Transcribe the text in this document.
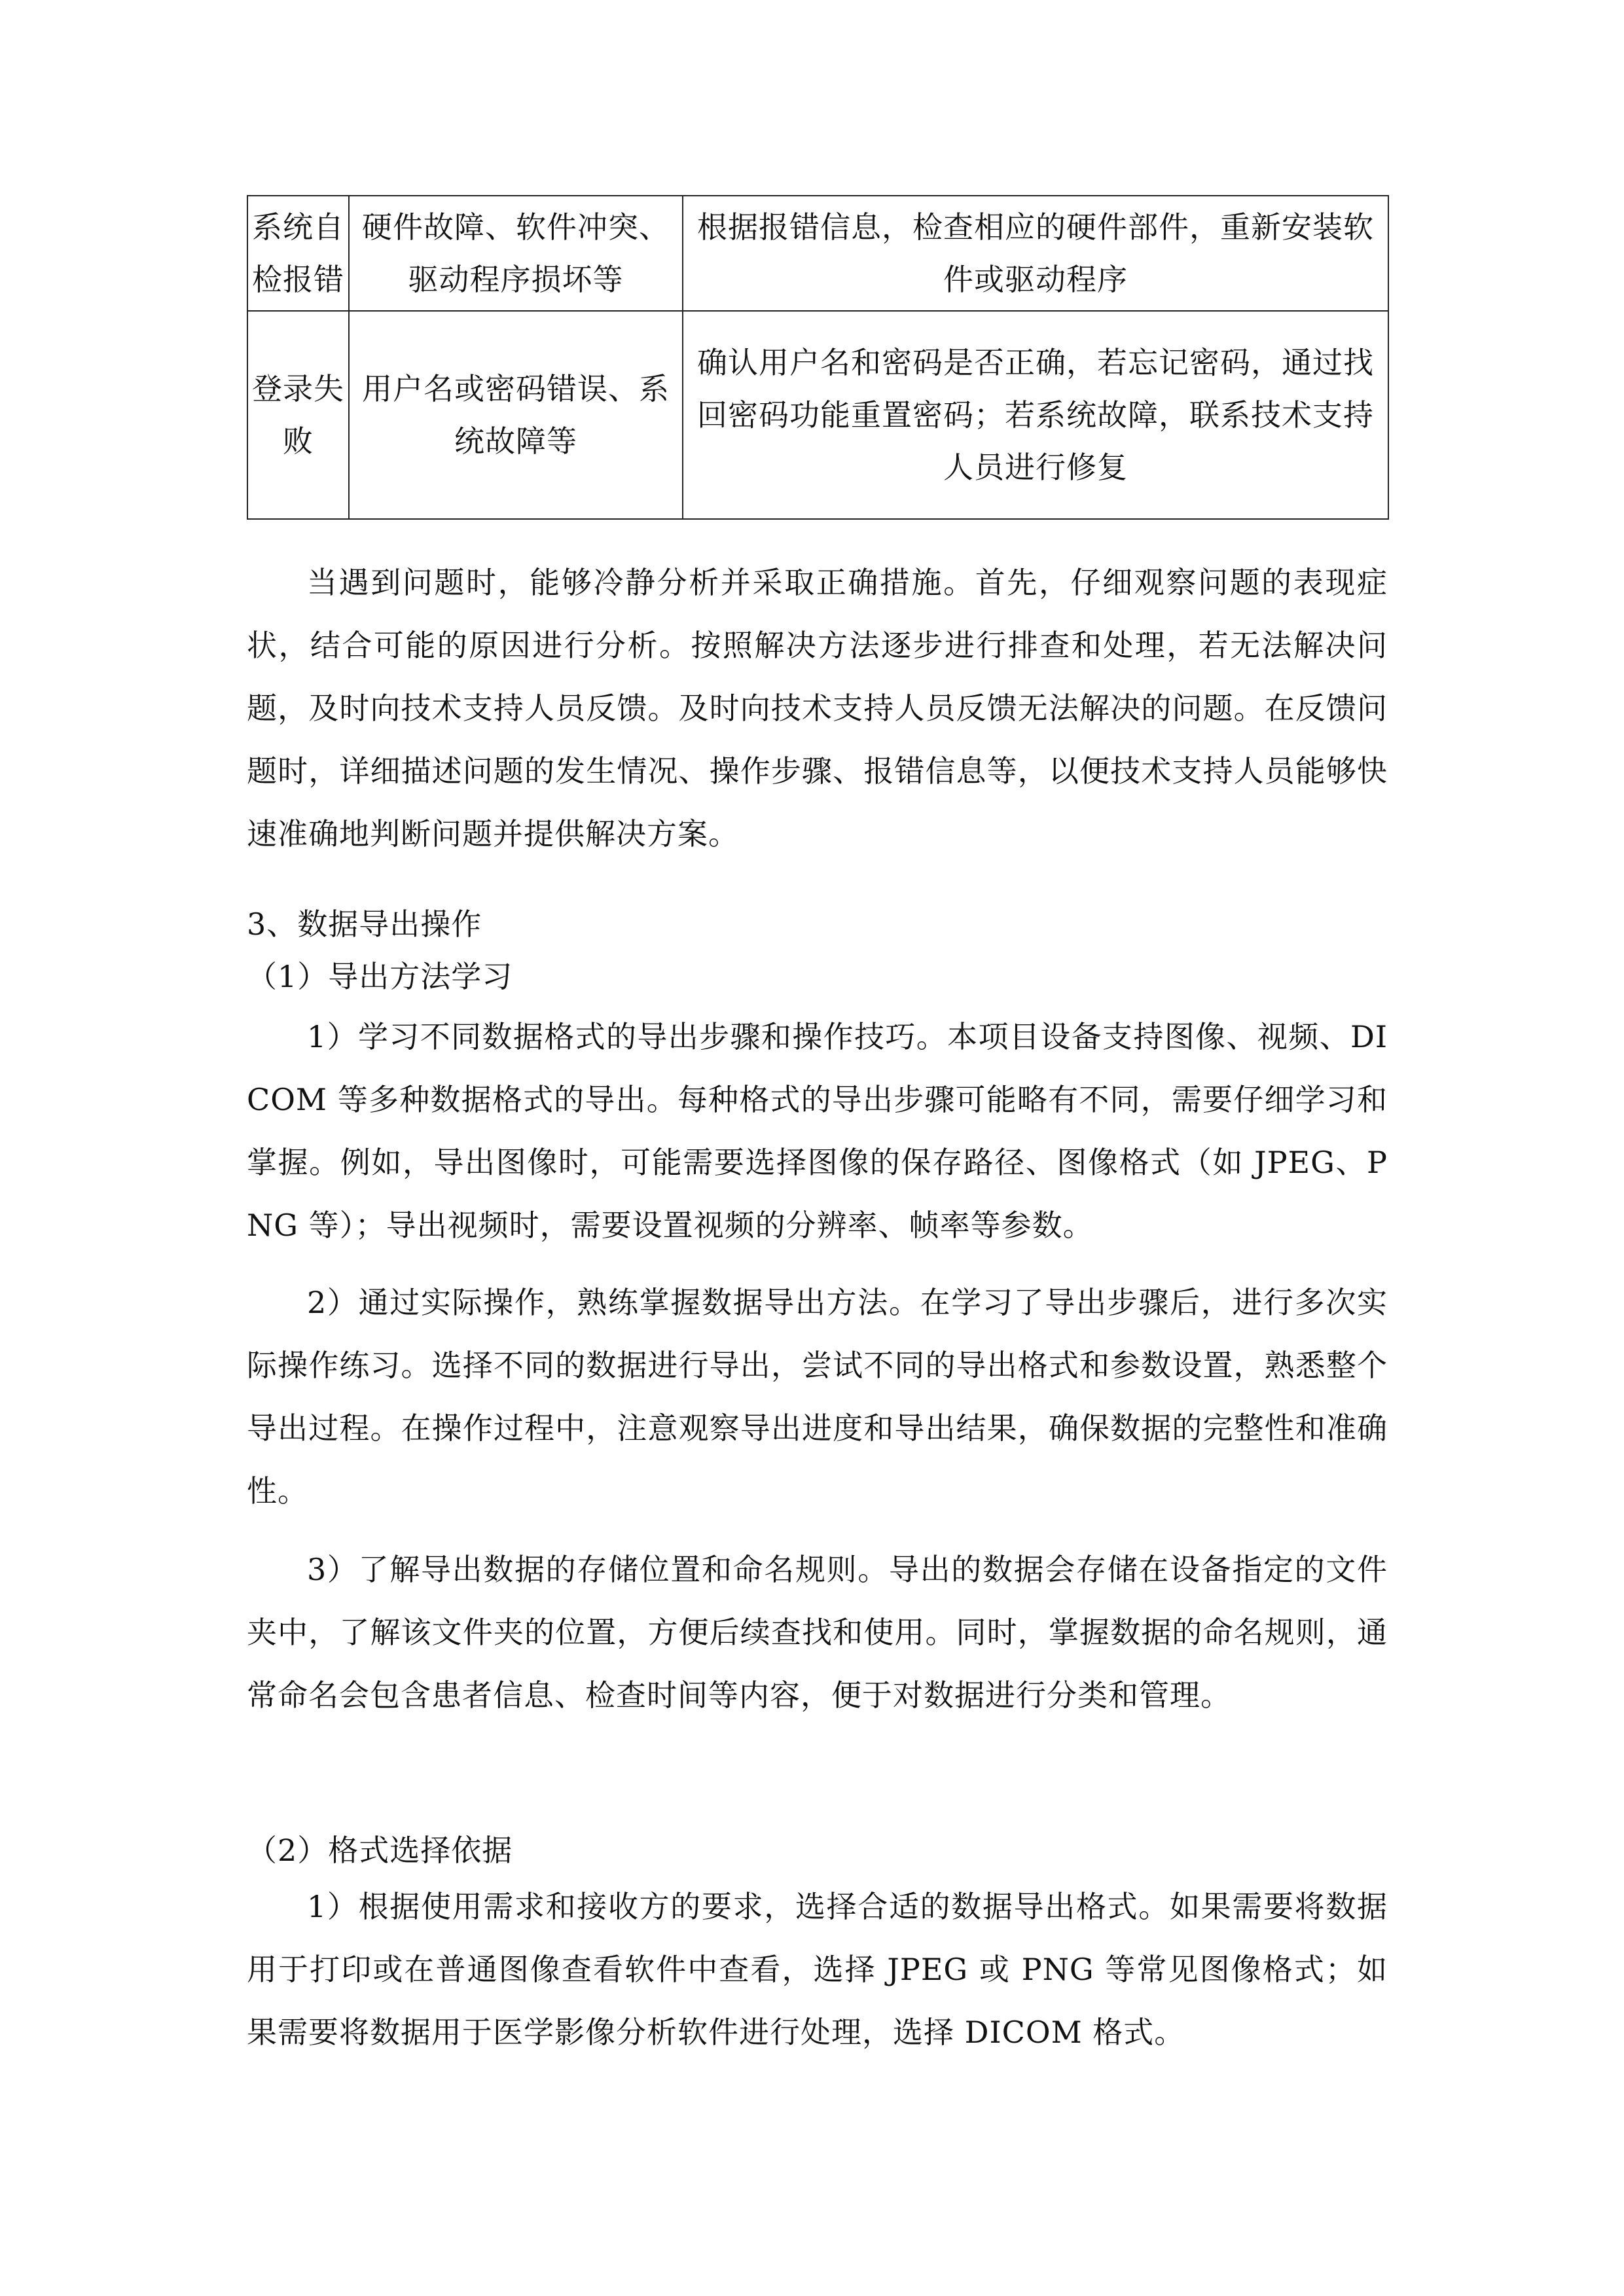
系统自检报错	硬件故障、软件冲突、驱动程序损坏等	根据报错信息，检查相应的硬件部件，重新安装软件或驱动程序
登录失败	用户名或密码错误、系统故障等	确认用户名和密码是否正确，若忘记密码，通过找回密码功能重置密码；若系统故障，联系技术支持人员进行修复

当遇到问题时，能够冷静分析并采取正确措施。首先，仔细观察问题的表现症状，结合可能的原因进行分析。按照解决方法逐步进行排查和处理，若无法解决问题，及时向技术支持人员反馈。及时向技术支持人员反馈无法解决的问题。在反馈问题时，详细描述问题的发生情况、操作步骤、报错信息等，以便技术支持人员能够快速准确地判断问题并提供解决方案。

3、数据导出操作
（1）导出方法学习

1）学习不同数据格式的导出步骤和操作技巧。本项目设备支持图像、视频、DICOM 等多种数据格式的导出。每种格式的导出步骤可能略有不同，需要仔细学习和掌握。例如，导出图像时，可能需要选择图像的保存路径、图像格式（如 JPEG、PNG 等）；导出视频时，需要设置视频的分辨率、帧率等参数。

2）通过实际操作，熟练掌握数据导出方法。在学习了导出步骤后，进行多次实际操作练习。选择不同的数据进行导出，尝试不同的导出格式和参数设置，熟悉整个导出过程。在操作过程中，注意观察导出进度和导出结果，确保数据的完整性和准确性。

3）了解导出数据的存储位置和命名规则。导出的数据会存储在设备指定的文件夹中，了解该文件夹的位置，方便后续查找和使用。同时，掌握数据的命名规则，通常命名会包含患者信息、检查时间等内容，便于对数据进行分类和管理。

（2）格式选择依据

1）根据使用需求和接收方的要求，选择合适的数据导出格式。如果需要将数据用于打印或在普通图像查看软件中查看，选择 JPEG 或 PNG 等常见图像格式；如果需要将数据用于医学影像分析软件进行处理，选择 DICOM 格式。
